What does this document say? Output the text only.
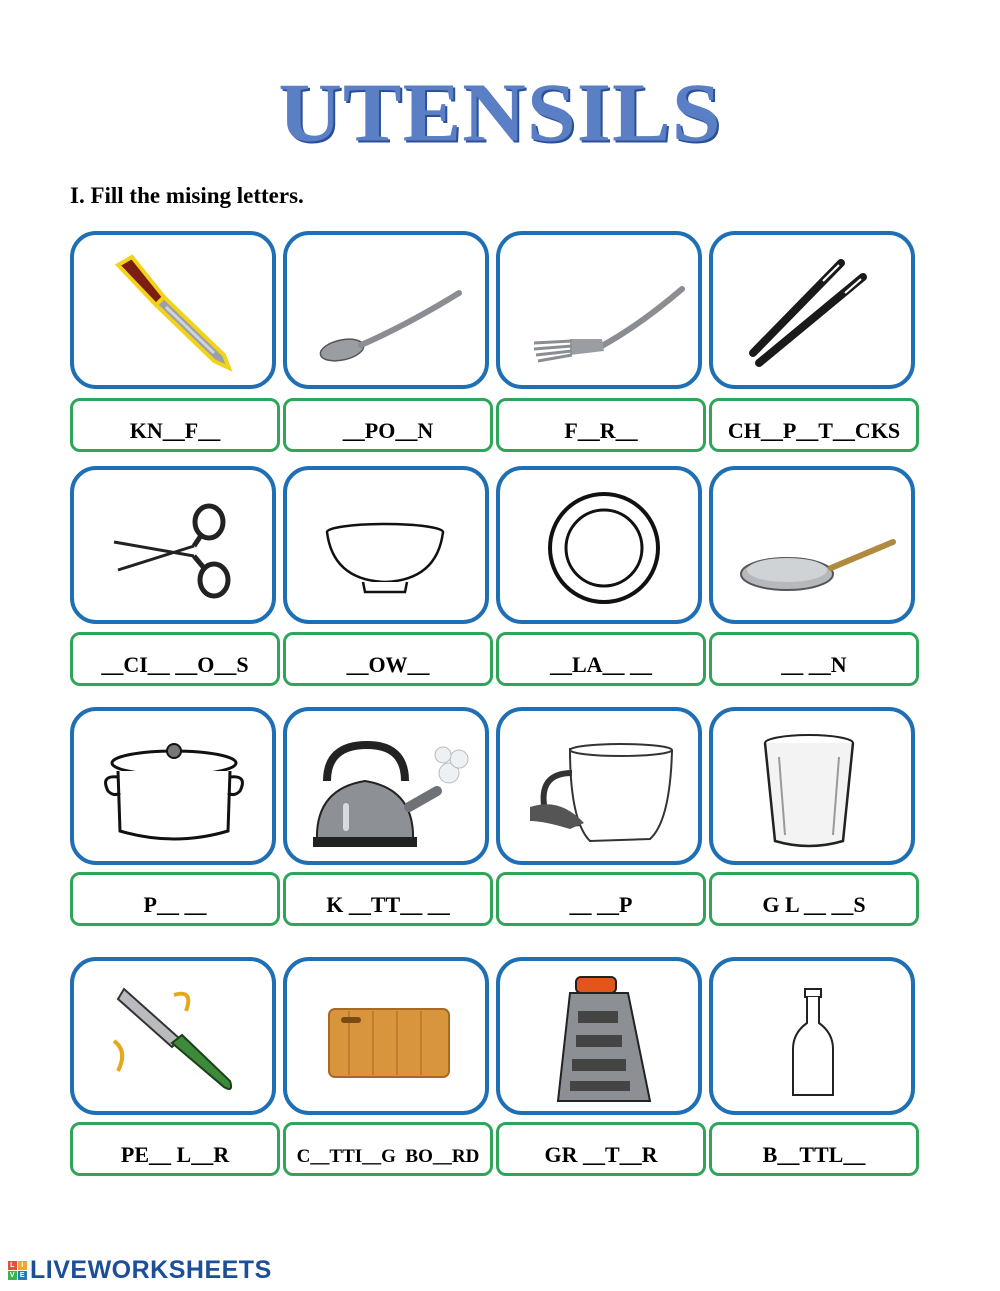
UTENSILS
I. Fill the mising letters.
KN__F__	__PO__N	F__R__	CH__P__T__CKS
__CI__ __O__S	__OW__	__LA__ __	__ __N
P__ __	K __TT__ __	__ __P	G L __ __S
PE__ L__R	C__TTI__G  BO__RD	GR __T__R	B__TTL__
L I
V E LIVEWORKSHEETS
